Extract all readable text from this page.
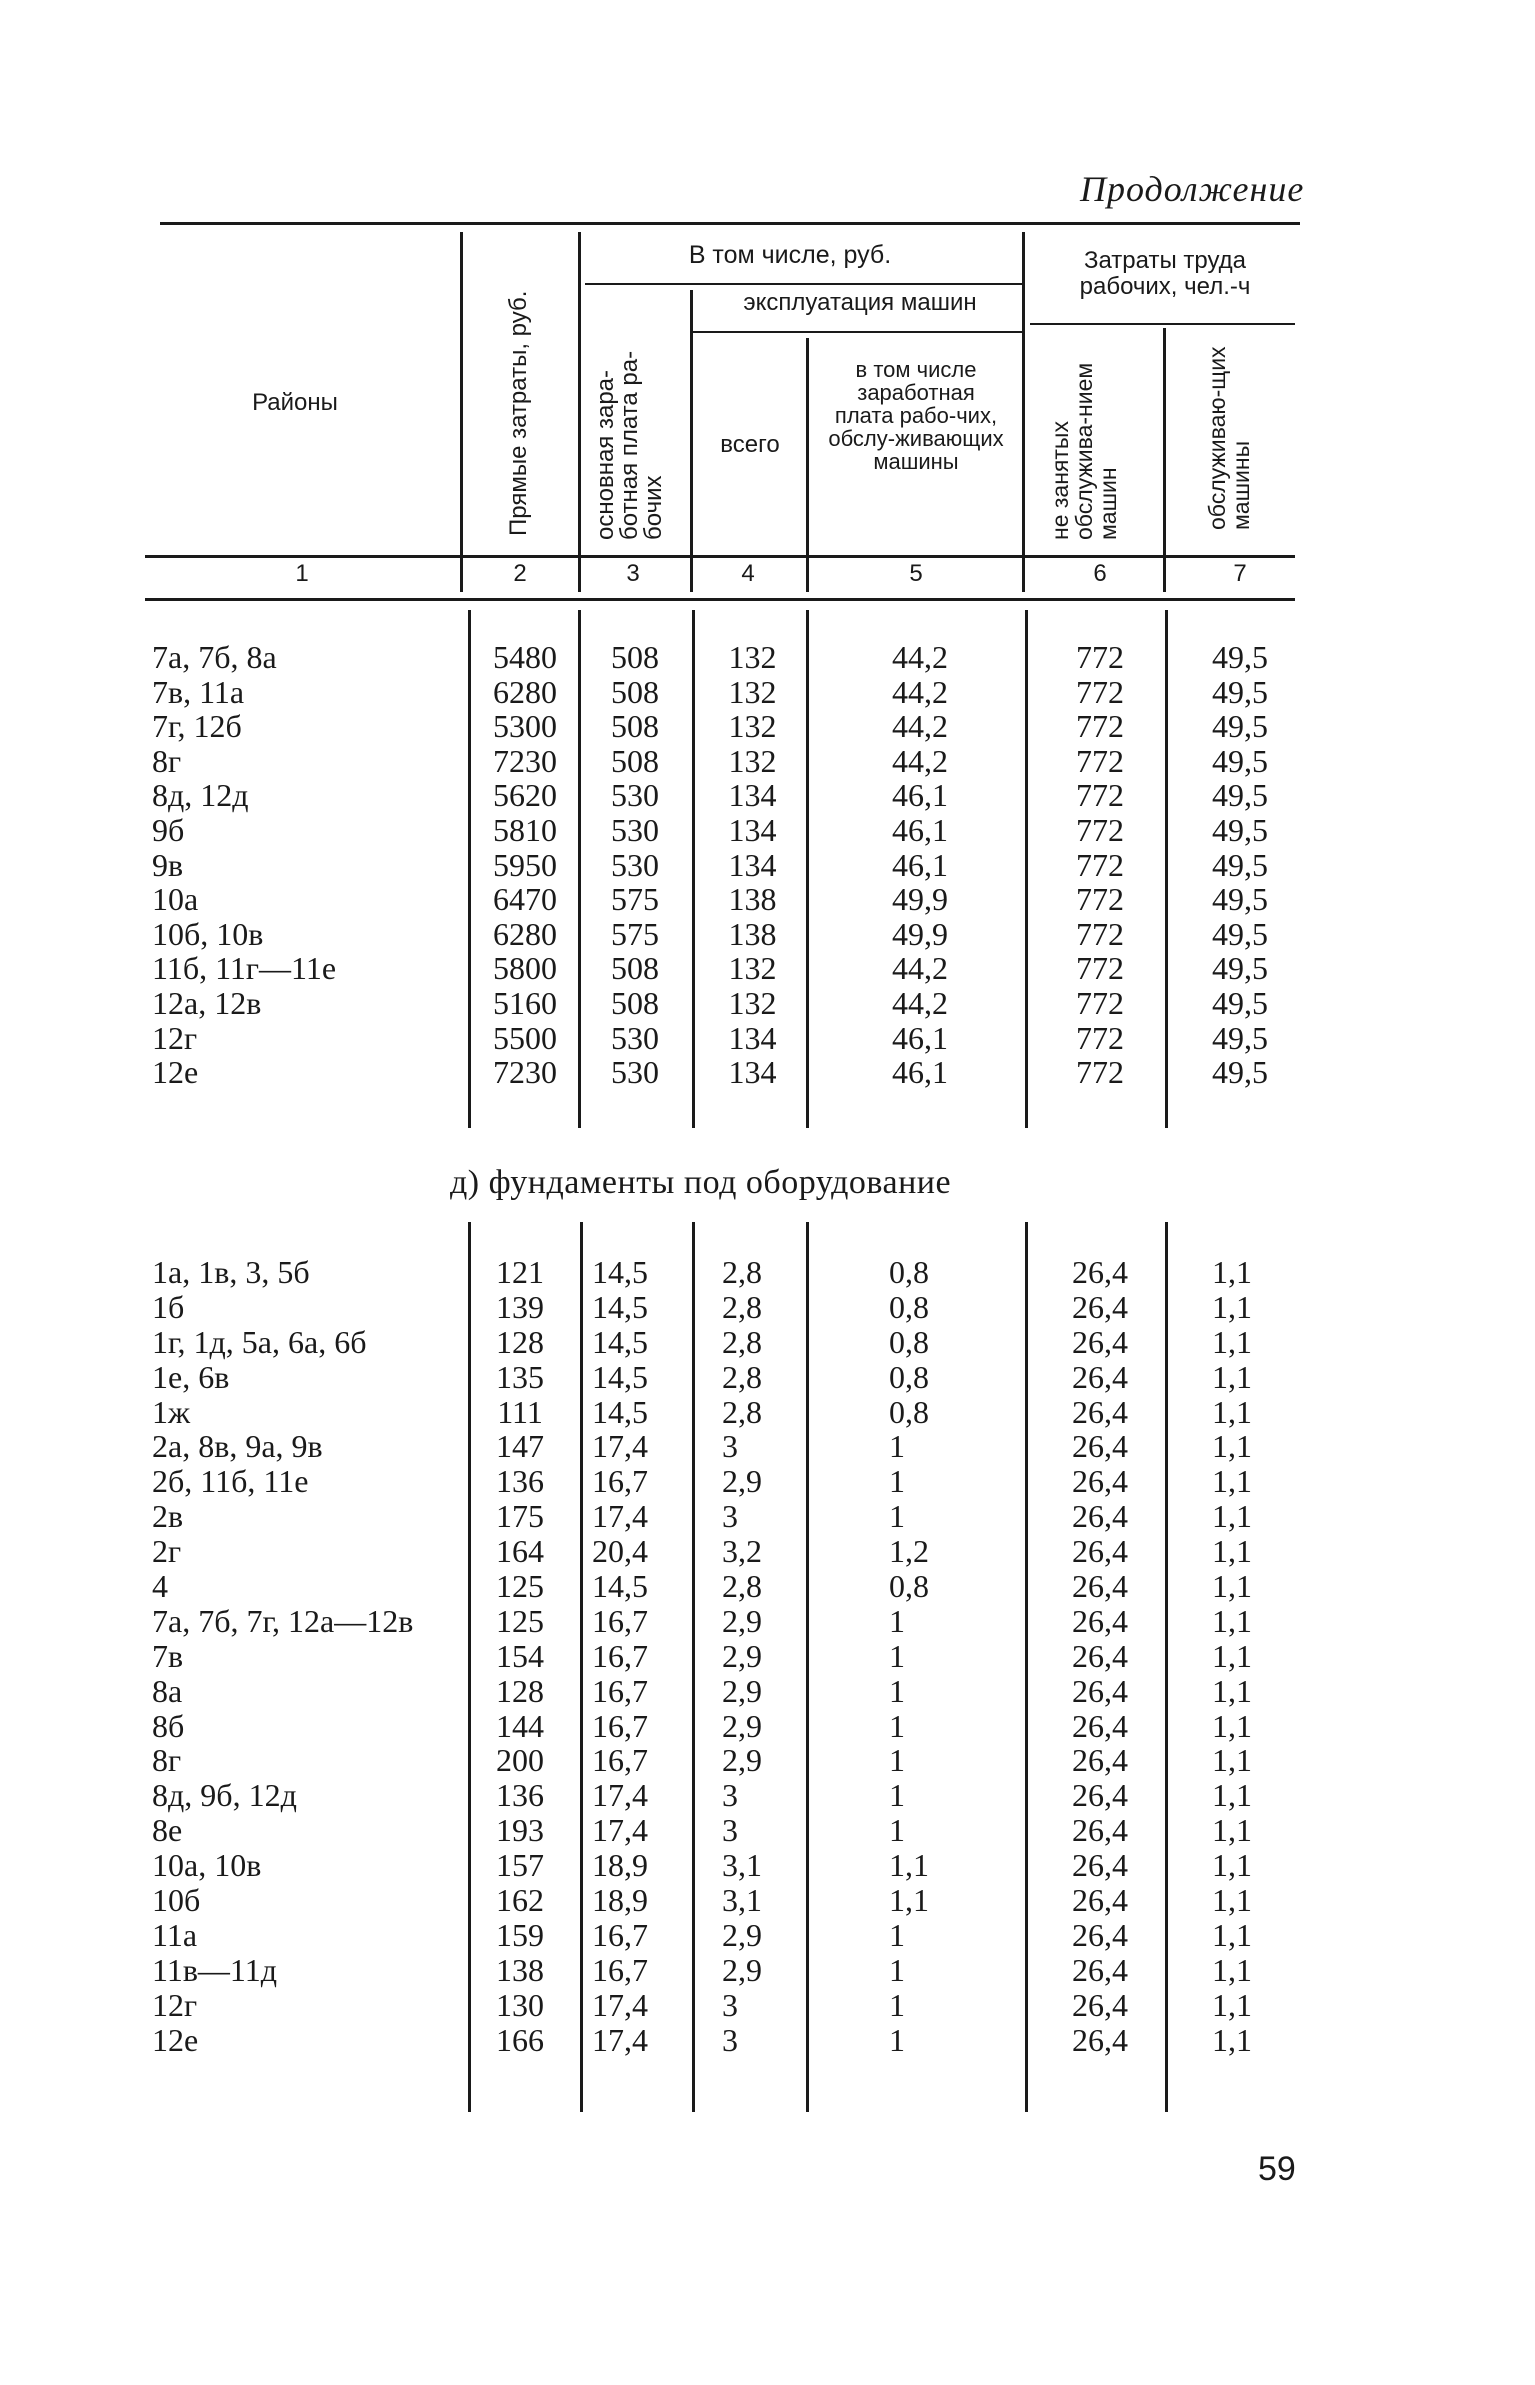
Продолжение
Районы	Прямые затраты, руб.
В том числе, руб.
основная зара-ботная плата ра-бочих
эксплуатация машин
всего
в том числе заработная плата рабо-чих, обслу-живающих машины
Затраты труда рабочих, чел.-ч
не занятых обслужива-нием машин	обслуживаю-щих машины
1	2	3	4	5	6	7
7а, 7б, 8а	5480	508	132	44,2	772	49,5
7в, 11а	6280	508	132	44,2	772	49,5
7г, 12б	5300	508	132	44,2	772	49,5
8г	7230	508	132	44,2	772	49,5
8д, 12д	5620	530	134	46,1	772	49,5
9б	5810	530	134	46,1	772	49,5
9в	5950	530	134	46,1	772	49,5
10а	6470	575	138	49,9	772	49,5
10б, 10в	6280	575	138	49,9	772	49,5
11б, 11г—11е	5800	508	132	44,2	772	49,5
12а, 12в	5160	508	132	44,2	772	49,5
12г	5500	530	134	46,1	772	49,5
12е	7230	530	134	46,1	772	49,5
д) фундаменты под оборудование
1а, 1в, 3, 5б	121	14,5	2,8	0,8	26,4	1,1
1б	139	14,5	2,8	0,8	26,4	1,1
1г, 1д, 5а, 6а, 6б	128	14,5	2,8	0,8	26,4	1,1
1е, 6в	135	14,5	2,8	0,8	26,4	1,1
1ж	111	14,5	2,8	0,8	26,4	1,1
2а, 8в, 9а, 9в	147	17,4	3	1	26,4	1,1
2б, 11б, 11е	136	16,7	2,9	1	26,4	1,1
2в	175	17,4	3	1	26,4	1,1
2г	164	20,4	3,2	1,2	26,4	1,1
4	125	14,5	2,8	0,8	26,4	1,1
7а, 7б, 7г, 12а—12в	125	16,7	2,9	1	26,4	1,1
7в	154	16,7	2,9	1	26,4	1,1
8а	128	16,7	2,9	1	26,4	1,1
8б	144	16,7	2,9	1	26,4	1,1
8г	200	16,7	2,9	1	26,4	1,1
8д, 9б, 12д	136	17,4	3	1	26,4	1,1
8е	193	17,4	3	1	26,4	1,1
10а, 10в	157	18,9	3,1	1,1	26,4	1,1
10б	162	18,9	3,1	1,1	26,4	1,1
11а	159	16,7	2,9	1	26,4	1,1
11в—11д	138	16,7	2,9	1	26,4	1,1
12г	130	17,4	3	1	26,4	1,1
12е	166	17,4	3	1	26,4	1,1
59
